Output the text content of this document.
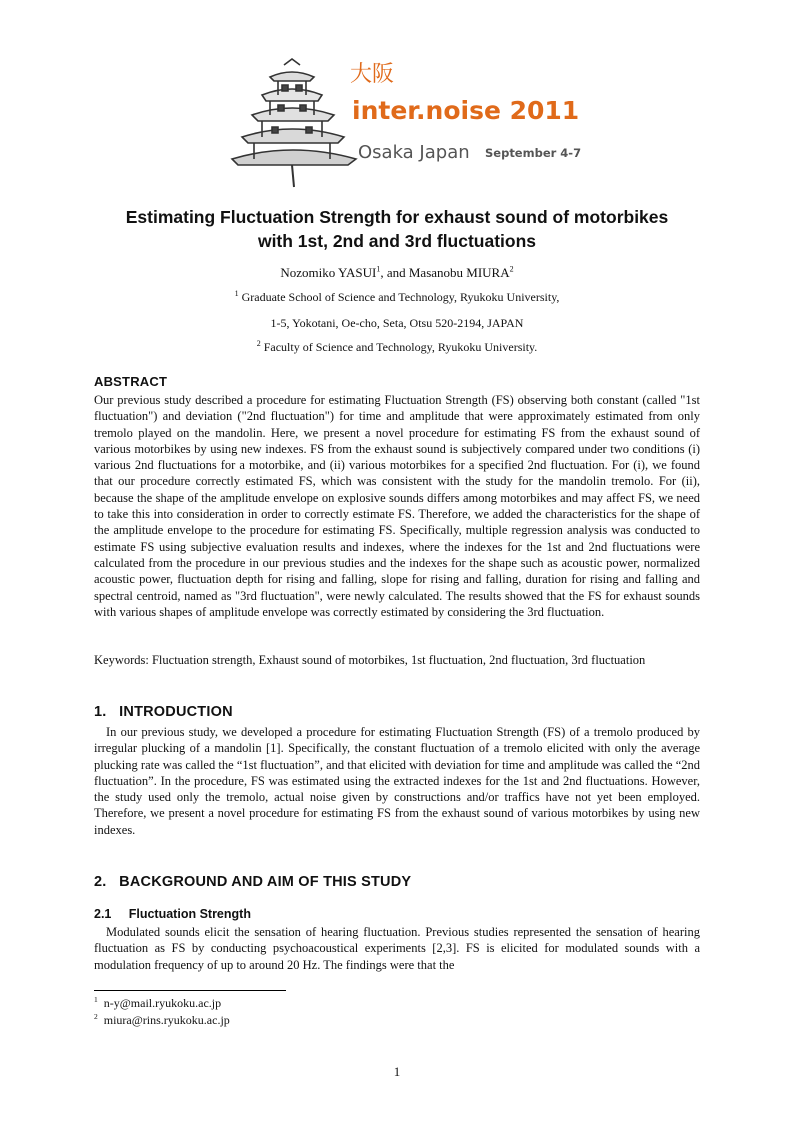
大阪
inter.noise 2011
Osaka Japan September 4-7
Estimating Fluctuation Strength for exhaust sound of motorbikes
with 1st, 2nd and 3rd fluctuations
Nozomiko YASUI$^1$, and Masanobu MIURA$^2$
$^1$ Graduate School of Science and Technology, Ryukoku University,
1-5, Yokotani, Oe-cho, Seta, Otsu 520-2194, JAPAN
$^2$ Faculty of Science and Technology, Ryukoku University.
ABSTRACT
Our previous study described a procedure for estimating Fluctuation Strength (FS) observing both constant (called "1st fluctuation") and deviation ("2nd fluctuation") for time and amplitude that were approximately estimated from only tremolo played on the mandolin. Here, we present a novel procedure for estimating FS from the exhaust sound of various motorbikes by using new indexes. FS from the exhaust sound is subjectively compared under two conditions (i) various 2nd fluctuations for a motorbike, and (ii) various motorbikes for a specified 2nd fluctuation. For (i), we found that our procedure correctly estimated FS, which was consistent with the study for the mandolin tremolo. For (ii), because the shape of the amplitude envelope on explosive sounds differs among motorbikes and may affect FS, we need to take this into consideration in order to correctly estimate FS. Therefore, we added the characteristics for the shape of the amplitude envelope to the procedure for estimating FS. Specifically, multiple regression analysis was conducted to estimate FS using subjective evaluation results and indexes, where the indexes for the 1st and 2nd fluctuations were calculated from the procedure in our previous studies and the indexes for the shape such as acoustic power, normalized acoustic power, fluctuation depth for rising and falling, slope for rising and falling, duration for rising and falling and spectral centroid, named as "3rd fluctuation", were newly calculated. The results showed that the FS for exhaust sounds with various shapes of amplitude envelope was correctly estimated by considering the 3rd fluctuation.
Keywords: Fluctuation strength, Exhaust sound of motorbikes, 1st fluctuation, 2nd fluctuation, 3rd fluctuation
1.   INTRODUCTION
In our previous study, we developed a procedure for estimating Fluctuation Strength (FS) of a tremolo produced by irregular plucking of a mandolin [1]. Specifically, the constant fluctuation of a tremolo elicited with only the average plucking rate was called the “1st fluctuation”, and that elicited with deviation for time and amplitude was called the “2nd fluctuation”. In the procedure, FS was estimated using the extracted indexes for the 1st and 2nd fluctuations. However, the study used only the tremolo, actual noise given by constructions and/or traffics have not yet been employed. Therefore, we present a novel procedure for estimating FS from the exhaust sound of various motorbikes by using new indexes.
2.   BACKGROUND AND AIM OF THIS STUDY
2.1     Fluctuation Strength
Modulated sounds elicit the sensation of hearing fluctuation. Previous studies represented the sensation of hearing fluctuation as FS by conducting psychoacoustical experiments [2,3]. FS is elicited for modulated sounds with a modulation frequency of up to around 20 Hz. The findings were that the
$^1$ n-y@mail.ryukoku.ac.jp
$^2$ miura@rins.ryukoku.ac.jp
1
